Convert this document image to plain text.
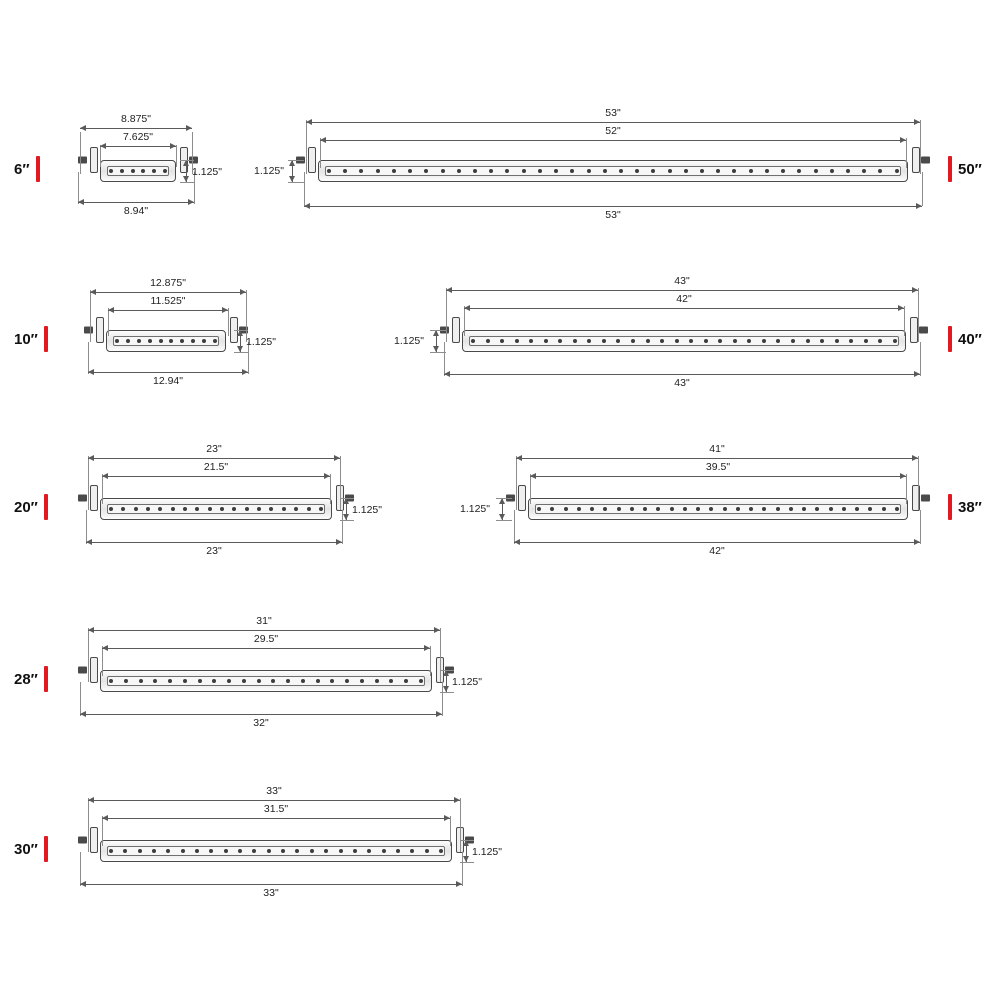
6″
8.875"
7.625"
8.94"
1.125"	50″
53"
52"
53"
1.125"
10″
12.875"
11.525"
12.94"
1.125"	40″
43"
42"
43"
1.125"
20″
23"
21.5"
23"
1.125"	38″
41"
39.5"
42"
1.125"
28″
31"
29.5"
32"
1.125"
30″
33"
31.5"
33"
1.125"
